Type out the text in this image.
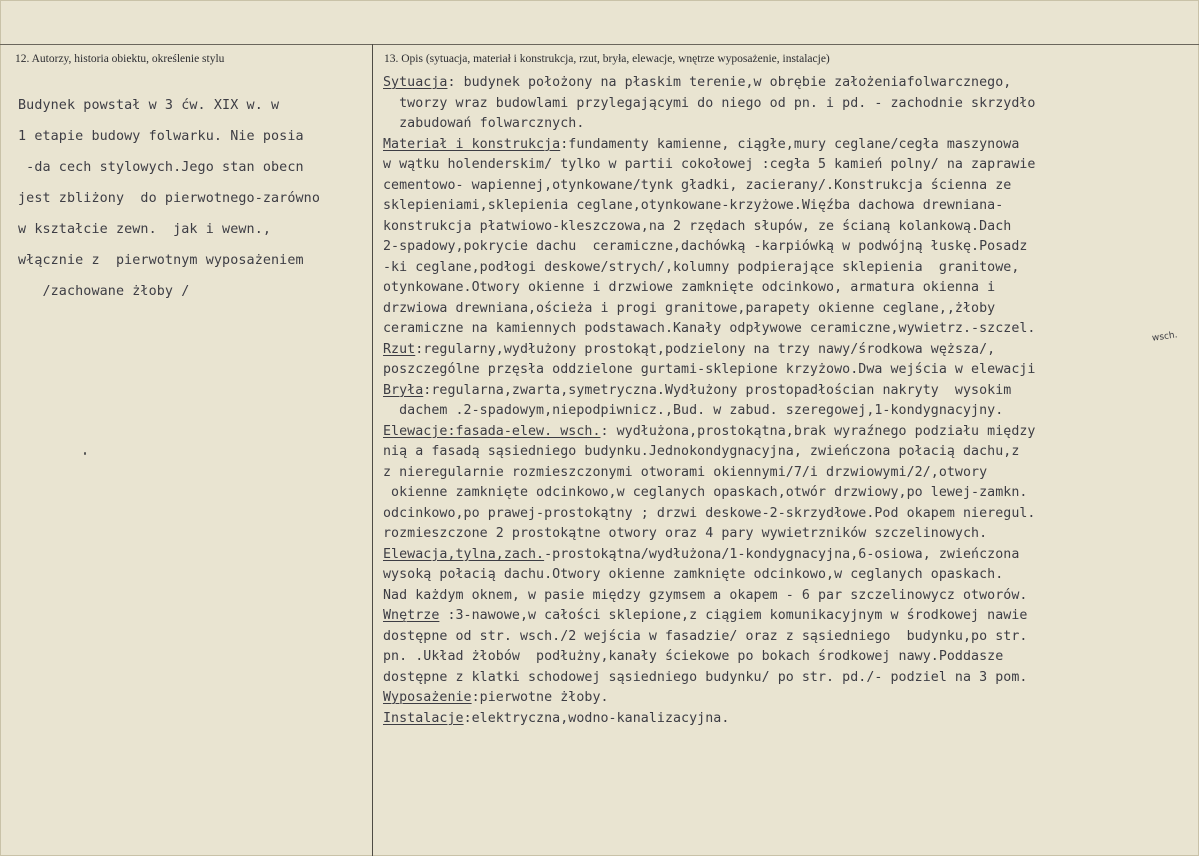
12. Autorzy, historia obiektu, określenie stylu	13. Opis (sytuacja, materiał i konstrukcja, rzut, bryła, elewacje, wnętrze wyposażenie, instalacje)
Budynek powstał w 3 ćw. XIX w. w
1 etapie budowy folwarku. Nie posia
-da cech stylowych.Jego stan obecn
jest zbliżony  do pierwotnego-zarówno
w kształcie zewn.  jak i wewn.,
włącznie z  pierwotnym wyposażeniem
/zachowane żłoby /
Sytuacja: budynek położony na płaskim terenie,w obrębie założeniafolwarcznego,
tworzy wraz budowlami przylegającymi do niego od pn. i pd. - zachodnie skrzydło
zabudowań folwarcznych.
Materiał i konstrukcja:fundamenty kamienne, ciągłe,mury ceglane/cegła maszynowa
w wątku holenderskim/ tylko w partii cokołowej :cegła 5 kamień polny/ na zaprawie
cementowo- wapiennej,otynkowane/tynk gładki, zacierany/.Konstrukcja ścienna ze
sklepieniami,sklepienia ceglane,otynkowane-krzyżowe.Więźba dachowa drewniana-
konstrukcja płatwiowo-kleszczowa,na 2 rzędach słupów, ze ścianą kolankową.Dach
2-spadowy,pokrycie dachu  ceramiczne,dachówką -karpiówką w podwójną łuskę.Posadz
-ki ceglane,podłogi deskowe/strych/,kolumny podpierające sklepienia  granitowe,
otynkowane.Otwory okienne i drzwiowe zamknięte odcinkowo, armatura okienna i
drzwiowa drewniana,ościeża i progi granitowe,parapety okienne ceglane,,żłoby
ceramiczne na kamiennych podstawach.Kanały odpływowe ceramiczne,wywietrz.-szczel.
Rzut:regularny,wydłużony prostokąt,podzielony na trzy nawy/środkowa węższa/,
poszczególne przęsła oddzielone gurtami-sklepione krzyżowo.Dwa wejścia w elewacji
Bryła:regularna,zwarta,symetryczna.Wydłużony prostopadłościan nakryty  wysokim
dachem .2-spadowym,niepodpiwnicz.,Bud. w zabud. szeregowej,1-kondygnacyjny.
Elewacje:fasada-elew. wsch.: wydłużona,prostokątna,brak wyraźnego podziału między
nią a fasadą sąsiedniego budynku.Jednokondygnacyjna, zwieńczona połacią dachu,z
z nieregularnie rozmieszczonymi otworami okiennymi/7/i drzwiowymi/2/,otwory
okienne zamknięte odcinkowo,w ceglanych opaskach,otwór drzwiowy,po lewej-zamkn.
odcinkowo,po prawej-prostokątny ; drzwi deskowe-2-skrzydłowe.Pod okapem nieregul.
rozmieszczone 2 prostokątne otwory oraz 4 pary wywietrzników szczelinowych.
Elewacja,tylna,zach.-prostokątna/wydłużona/1-kondygnacyjna,6-osiowa, zwieńczona
wysoką połacią dachu.Otwory okienne zamknięte odcinkowo,w ceglanych opaskach.
Nad każdym oknem, w pasie między gzymsem a okapem - 6 par szczelinowycz otworów.
Wnętrze :3-nawowe,w całości sklepione,z ciągiem komunikacyjnym w środkowej nawie
dostępne od str. wsch./2 wejścia w fasadzie/ oraz z sąsiedniego  budynku,po str.
pn. .Układ żłobów  podłużny,kanały ściekowe po bokach środkowej nawy.Poddasze
dostępne z klatki schodowej sąsiedniego budynku/ po str. pd./- podziel na 3 pom.
Wyposażenie:pierwotne żłoby.
Instalacje:elektryczna,wodno-kanalizacyjna.
wsch.
